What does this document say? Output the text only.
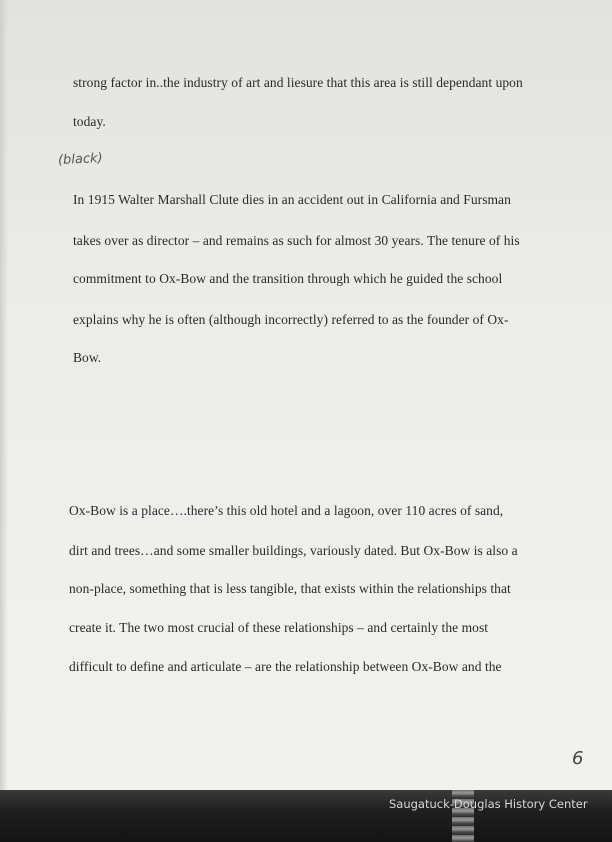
strong factor in..the industry of art and liesure that this area is still dependant upon
today.
(black)
In 1915 Walter Marshall Clute dies in an accident out in California and Fursman
takes over as director – and remains as such for almost 30 years. The tenure of his
commitment to Ox-Bow and the transition through which he guided the school
explains why he is often (although incorrectly) referred to as the founder of Ox-
Bow.
Ox-Bow is a place….there’s this old hotel and a lagoon, over 110 acres of sand,
dirt and trees…and some smaller buildings, variously dated. But Ox-Bow is also a
non-place, something that is less tangible, that exists within the relationships that
create it. The two most crucial of these relationships – and certainly the most
difficult to define and articulate – are the relationship between Ox-Bow and the
6
Saugatuck-Douglas History Center
